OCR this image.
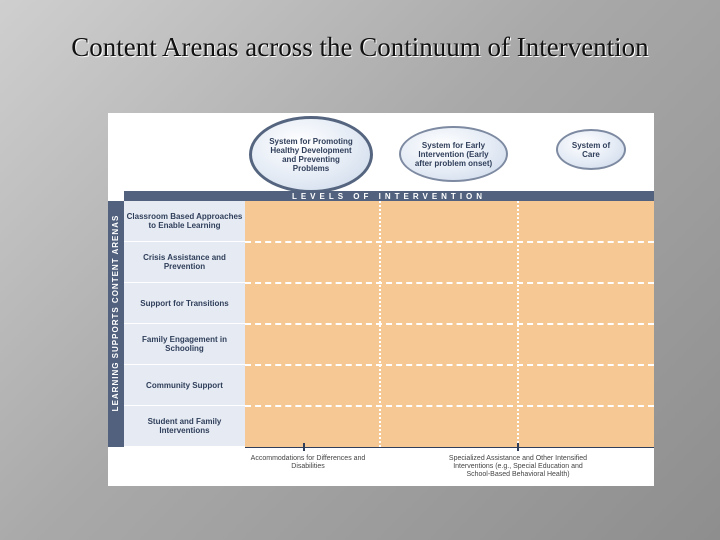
Content Arenas across the Continuum of Intervention
System for Promoting Healthy Development and Preventing Problems
System for Early Intervention (Early after problem onset)
System of Care
LEVELS OF INTERVENTION
LEARNING SUPPORTS CONTENT ARENAS Classroom Based Approaches to Enable Learning
Crisis Assistance and Prevention
Support for Transitions
Family Engagement in Schooling
Community Support
Student and Family Interventions
Accommodations for Differences and Disabilities
Specialized Assistance and Other Intensified Interventions (e.g., Special Education and School-Based Behavioral Health)
